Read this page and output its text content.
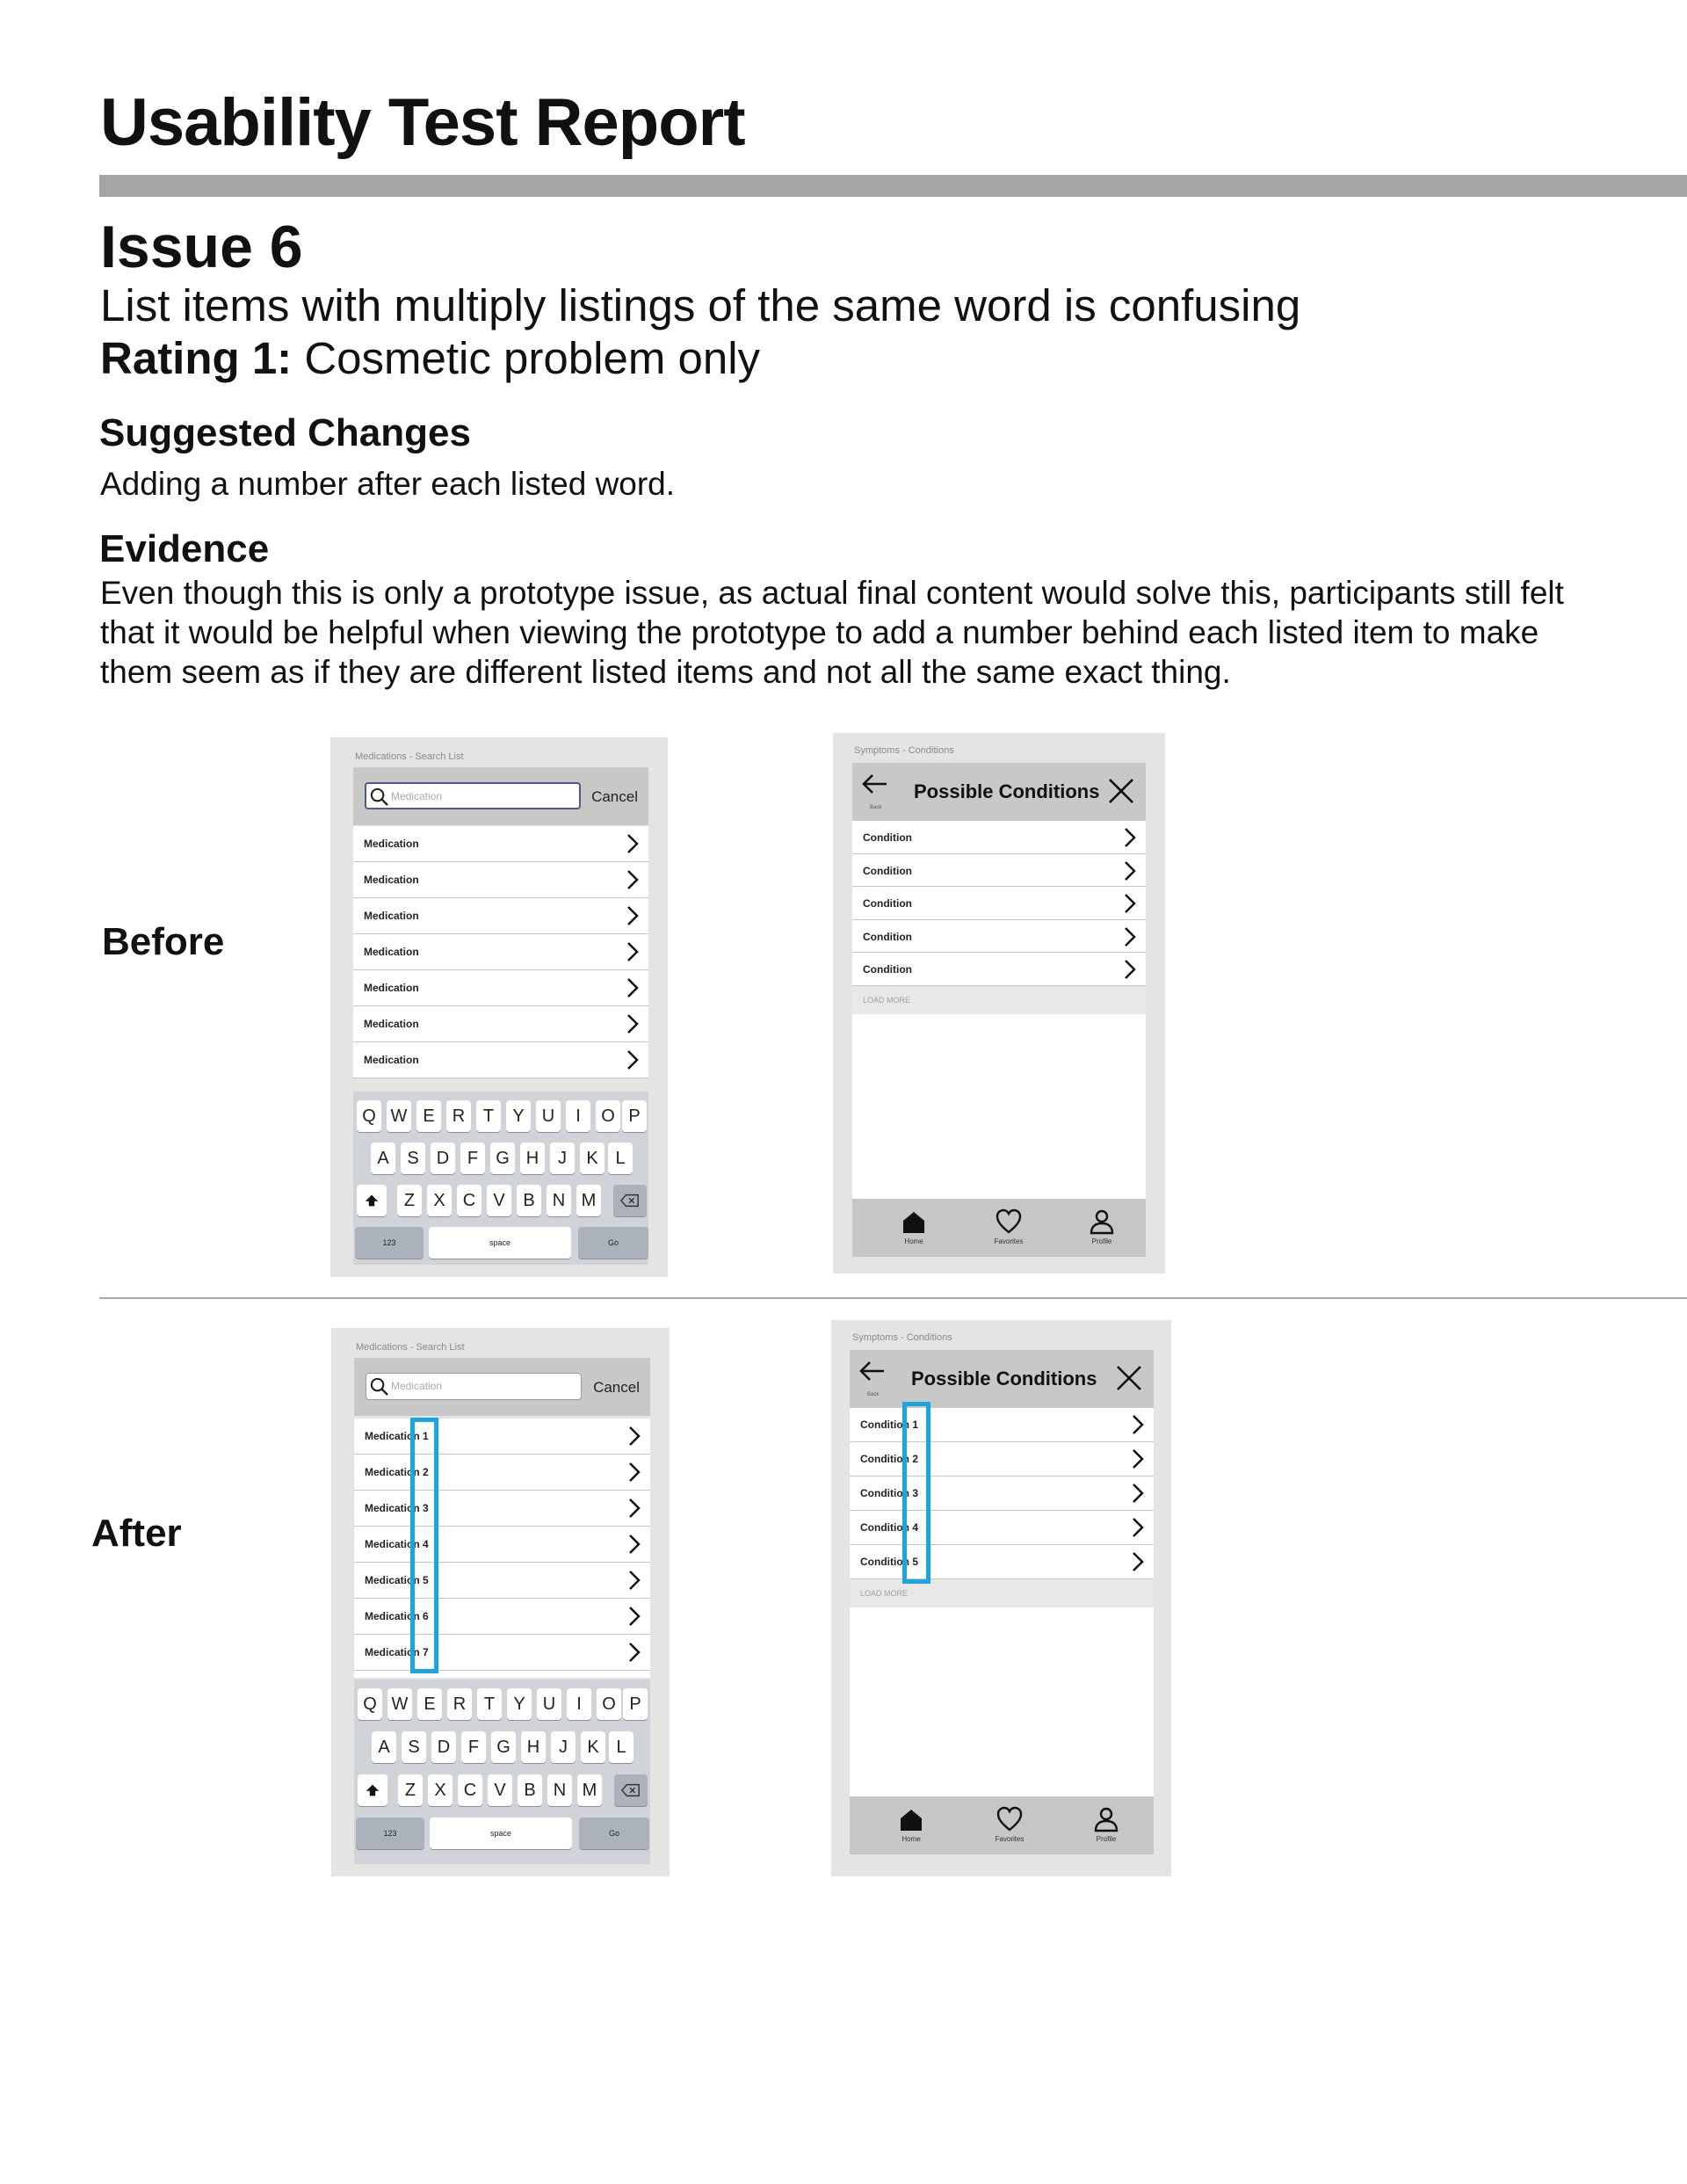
Usability Test Report
Issue 6
List items with multiply listings of the same word is confusing
Rating 1: Cosmetic problem only
Suggested Changes
Adding a number after each listed word.
Evidence
Even though this is only a prototype issue, as actual final content would solve this, participants still felt
that it would be helpful when viewing the prototype to add a number behind each listed item to make
them seem as if they are different listed items and not all the same exact thing.
Before
After
Medications - Search List
Medication	Cancel
Medication
Medication
Medication
Medication
Medication
Medication
Medication
Q W E	R	T	Y	U	I	O P
A	S	D	F	G H	J	K L
Z	X	C	V	B	N M
123	space	Go
Symptoms - Conditions
Back
Possible Conditions
Condition
Condition
Condition
Condition
Condition
LOAD MORE
Home	Favorites	Profile
Medications - Search List
Medication	Cancel
Medication 1
Medication 2
Medication 3
Medication 4
Medication 5
Medication 6
Medication 7
Q W E	R	T	Y	U	I	O P
A	S	D	F	G H	J	K L
Z	X	C	V	B	N M
123	space	Go
Symptoms - Conditions
Back
Possible Conditions
Condition 1
Condition 2
Condition 3
Condition 4
Condition 5
LOAD MORE
Home	Favorites	Profile
